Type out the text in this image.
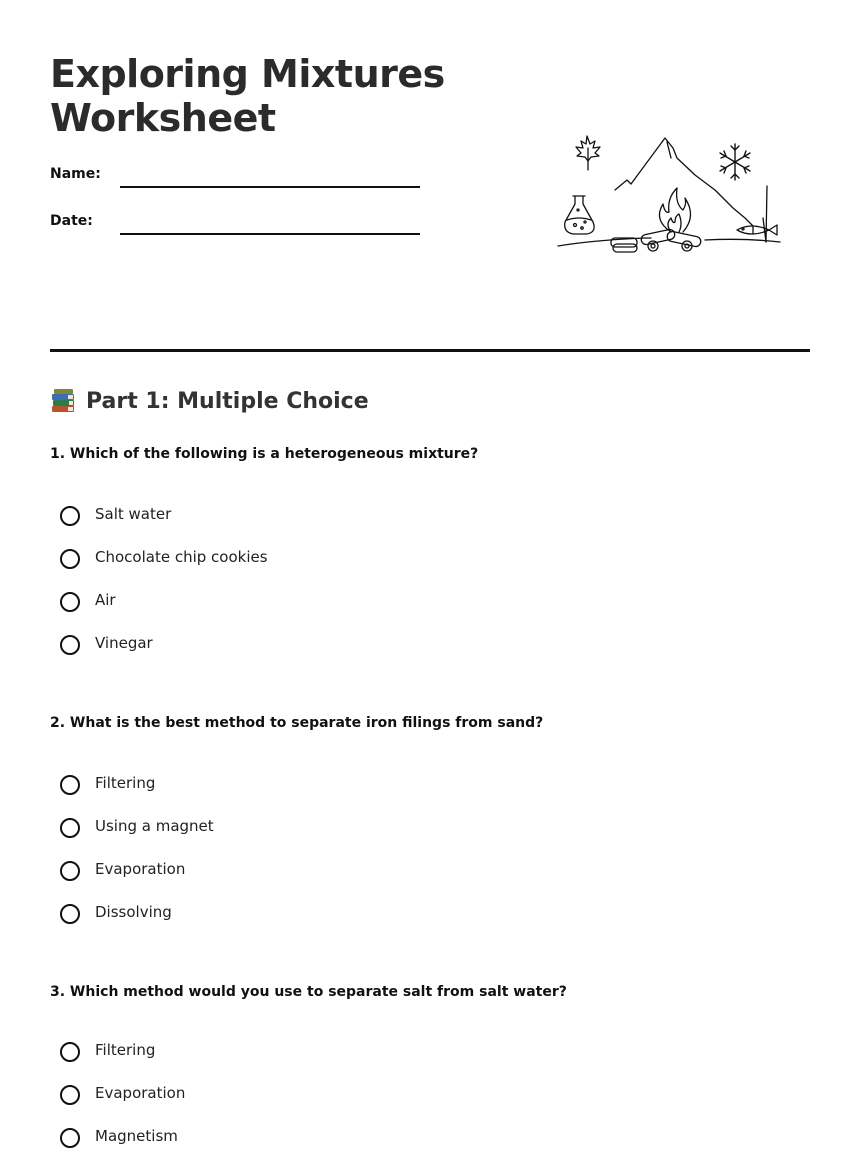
Exploring Mixtures
Worksheet
Name:
Date:
Part 1: Multiple Choice

1. Which of the following is a heterogeneous mixture?

Salt water
Chocolate chip cookies
Air
Vinegar

2. What is the best method to separate iron filings from sand?

Filtering
Using a magnet
Evaporation
Dissolving

3. Which method would you use to separate salt from salt water?

Filtering
Evaporation
Magnetism
